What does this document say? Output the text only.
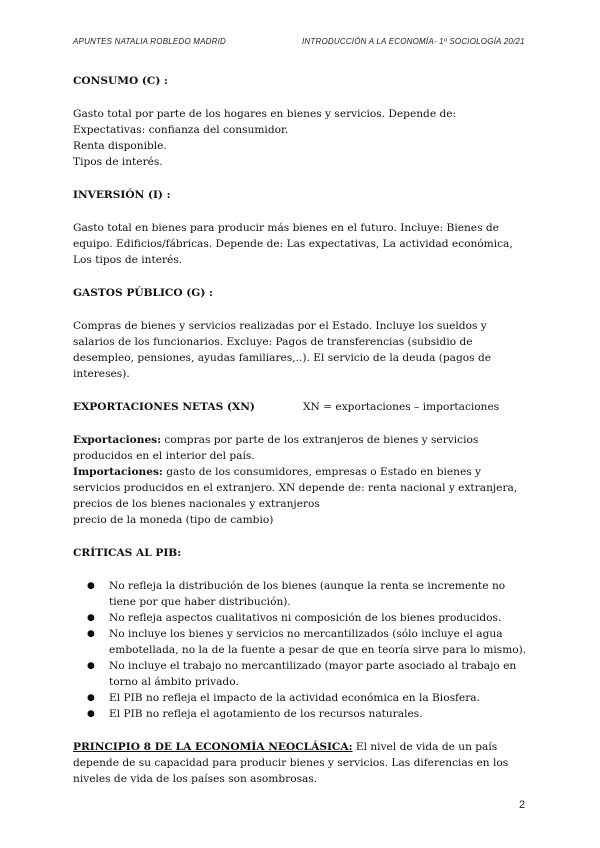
APUNTES NATALIA ROBLEDO MADRID	INTRODUCCIÓN A LA ECONOMÍA- 1º SOCIOLOGÍA 20/21

CONSUMO (C) :

Gasto total por parte de los hogares en bienes y servicios. Depende de:

Expectativas: confianza del consumidor.

Renta disponible.

Tipos de interés.

INVERSIÓN (I) :

Gasto total en bienes para producir más bienes en el futuro. Incluye: Bienes de equipo. Edificios/fábricas. Depende de: Las expectativas, La actividad económica, Los tipos de interés.

GASTOS PÚBLICO (G) :

Compras de bienes y servicios realizadas por el Estado. Incluye los sueldos y salarios de los funcionarios. Excluye: Pagos de transferencias (subsidio de desempleo, pensiones, ayudas familiares,..). El servicio de la deuda (pagos de intereses).

EXPORTACIONES NETAS (XN)	XN = exportaciones – importaciones

Exportaciones: compras por parte de los extranjeros de bienes y servicios producidos en el interior del país.

Importaciones: gasto de los consumidores, empresas o Estado en bienes y servicios producidos en el extranjero. XN depende de: renta nacional y extranjera,

precios de los bienes nacionales y extranjeros

precio de la moneda (tipo de cambio)

CRÍTICAS AL PIB:

● No refleja la distribución de los bienes (aunque la renta se incremente no tiene por que haber distribución).
● No refleja aspectos cualitativos ni composición de los bienes producidos.
● No incluye los bienes y servicios no mercantilizados (sólo incluye el agua embotellada, no la de la fuente a pesar de que en teoría sirve para lo mismo).
● No incluye el trabajo no mercantilizado (mayor parte asociado al trabajo en torno al ámbito privado.
● El PIB no refleja el impacto de la actividad económica en la Biosfera.
● El PIB no refleja el agotamiento de los recursos naturales.

PRINCIPIO 8 DE LA ECONOMÍA NEOCLÁSICA: El nivel de vida de un país depende de su capacidad para producir bienes y servicios. Las diferencias en los niveles de vida de los países son asombrosas.

2
